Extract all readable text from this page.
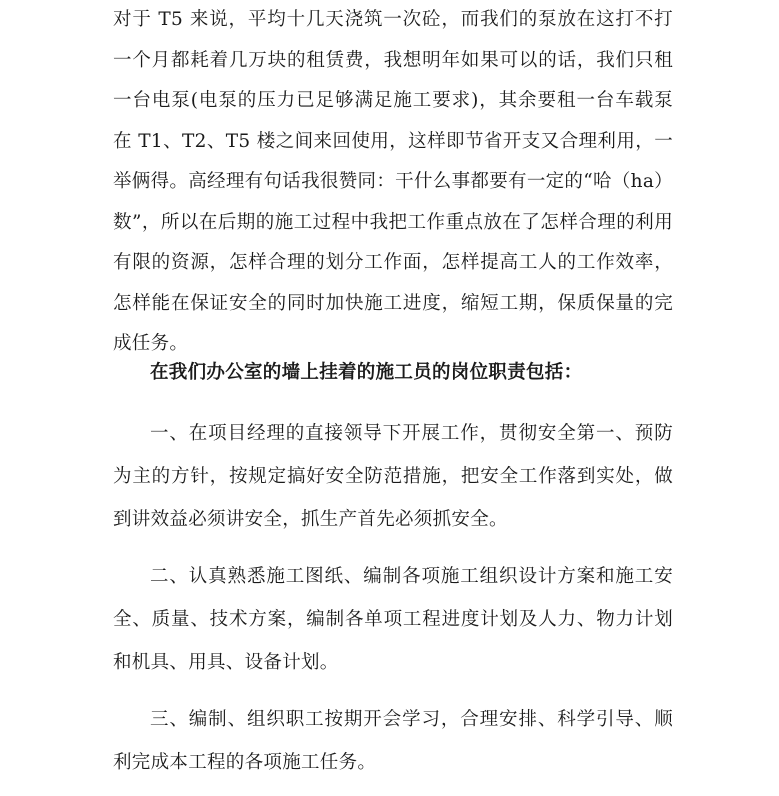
对于 T5 来说，平均十几天浇筑一次砼，而我们的泵放在这打不打一个月都耗着几万块的租赁费，我想明年如果可以的话，我们只租一台电泵(电泵的压力已足够满足施工要求)，其余要租一台车载泵在 T1、T2、T5 楼之间来回使用，这样即节省开支又合理利用，一举俩得。高经理有句话我很赞同：干什么事都要有一定的“哈（ha）数”，所以在后期的施工过程中我把工作重点放在了怎样合理的利用有限的资源，怎样合理的划分工作面，怎样提高工人的工作效率，怎样能在保证安全的同时加快施工进度，缩短工期，保质保量的完成任务。

在我们办公室的墙上挂着的施工员的岗位职责包括：

一、在项目经理的直接领导下开展工作，贯彻安全第一、预防为主的方针，按规定搞好安全防范措施，把安全工作落到实处，做到讲效益必须讲安全，抓生产首先必须抓安全。

二、认真熟悉施工图纸、编制各项施工组织设计方案和施工安全、质量、技术方案，编制各单项工程进度计划及人力、物力计划和机具、用具、设备计划。

三、编制、组织职工按期开会学习，合理安排、科学引导、顺利完成本工程的各项施工任务。
